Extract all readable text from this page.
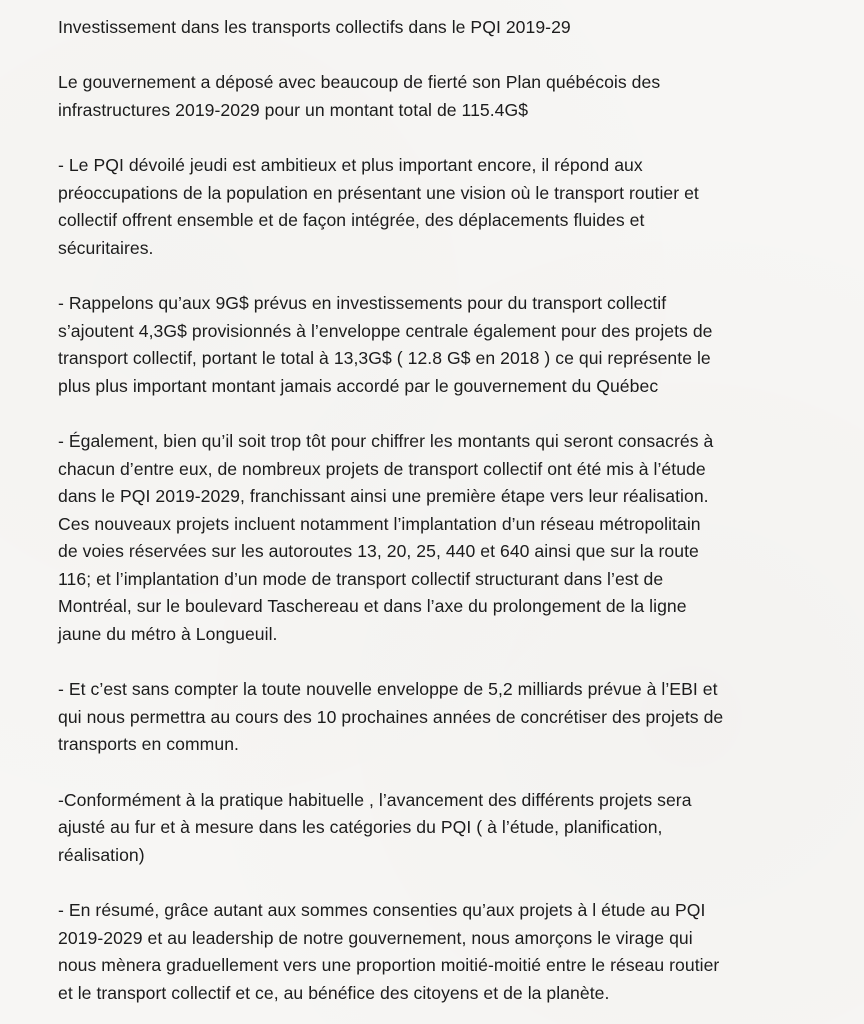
Investissement dans les transports collectifs dans le PQI 2019-29

Le gouvernement a déposé avec beaucoup de fierté son Plan québécois des
infrastructures 2019-2029 pour un montant total de 115.4G$

- Le PQI dévoilé jeudi est ambitieux et plus important encore, il répond aux
préoccupations de la population en présentant une vision où le transport routier et
collectif offrent ensemble et de façon intégrée, des déplacements fluides et
sécuritaires.

- Rappelons qu’aux 9G$ prévus en investissements pour du transport collectif
s’ajoutent 4,3G$ provisionnés à l’enveloppe centrale également pour des projets de
transport collectif, portant le total à 13,3G$ ( 12.8 G$ en 2018 ) ce qui représente le
plus plus important montant jamais accordé par le gouvernement du Québec

- Également, bien qu’il soit trop tôt pour chiffrer les montants qui seront consacrés à
chacun d’entre eux, de nombreux projets de transport collectif ont été mis à l’étude
dans le PQI 2019-2029, franchissant ainsi une première étape vers leur réalisation.
Ces nouveaux projets incluent notamment l’implantation d’un réseau métropolitain
de voies réservées sur les autoroutes 13, 20, 25, 440 et 640 ainsi que sur la route
116; et l’implantation d’un mode de transport collectif structurant dans l’est de
Montréal, sur le boulevard Taschereau et dans l’axe du prolongement de la ligne
jaune du métro à Longueuil.

- Et c’est sans compter la toute nouvelle enveloppe de 5,2 milliards prévue à l’EBI et
qui nous permettra au cours des 10 prochaines années de concrétiser des projets de
transports en commun.

-Conformément à la pratique habituelle , l’avancement des différents projets sera
ajusté au fur et à mesure dans les catégories du PQI ( à l’étude, planification,
réalisation)

- En résumé, grâce autant aux sommes consenties qu’aux projets à l étude au PQI
2019-2029 et au leadership de notre gouvernement, nous amorçons le virage qui
nous mènera graduellement vers une proportion moitié-moitié entre le réseau routier
et le transport collectif et ce, au bénéfice des citoyens et de la planète.
